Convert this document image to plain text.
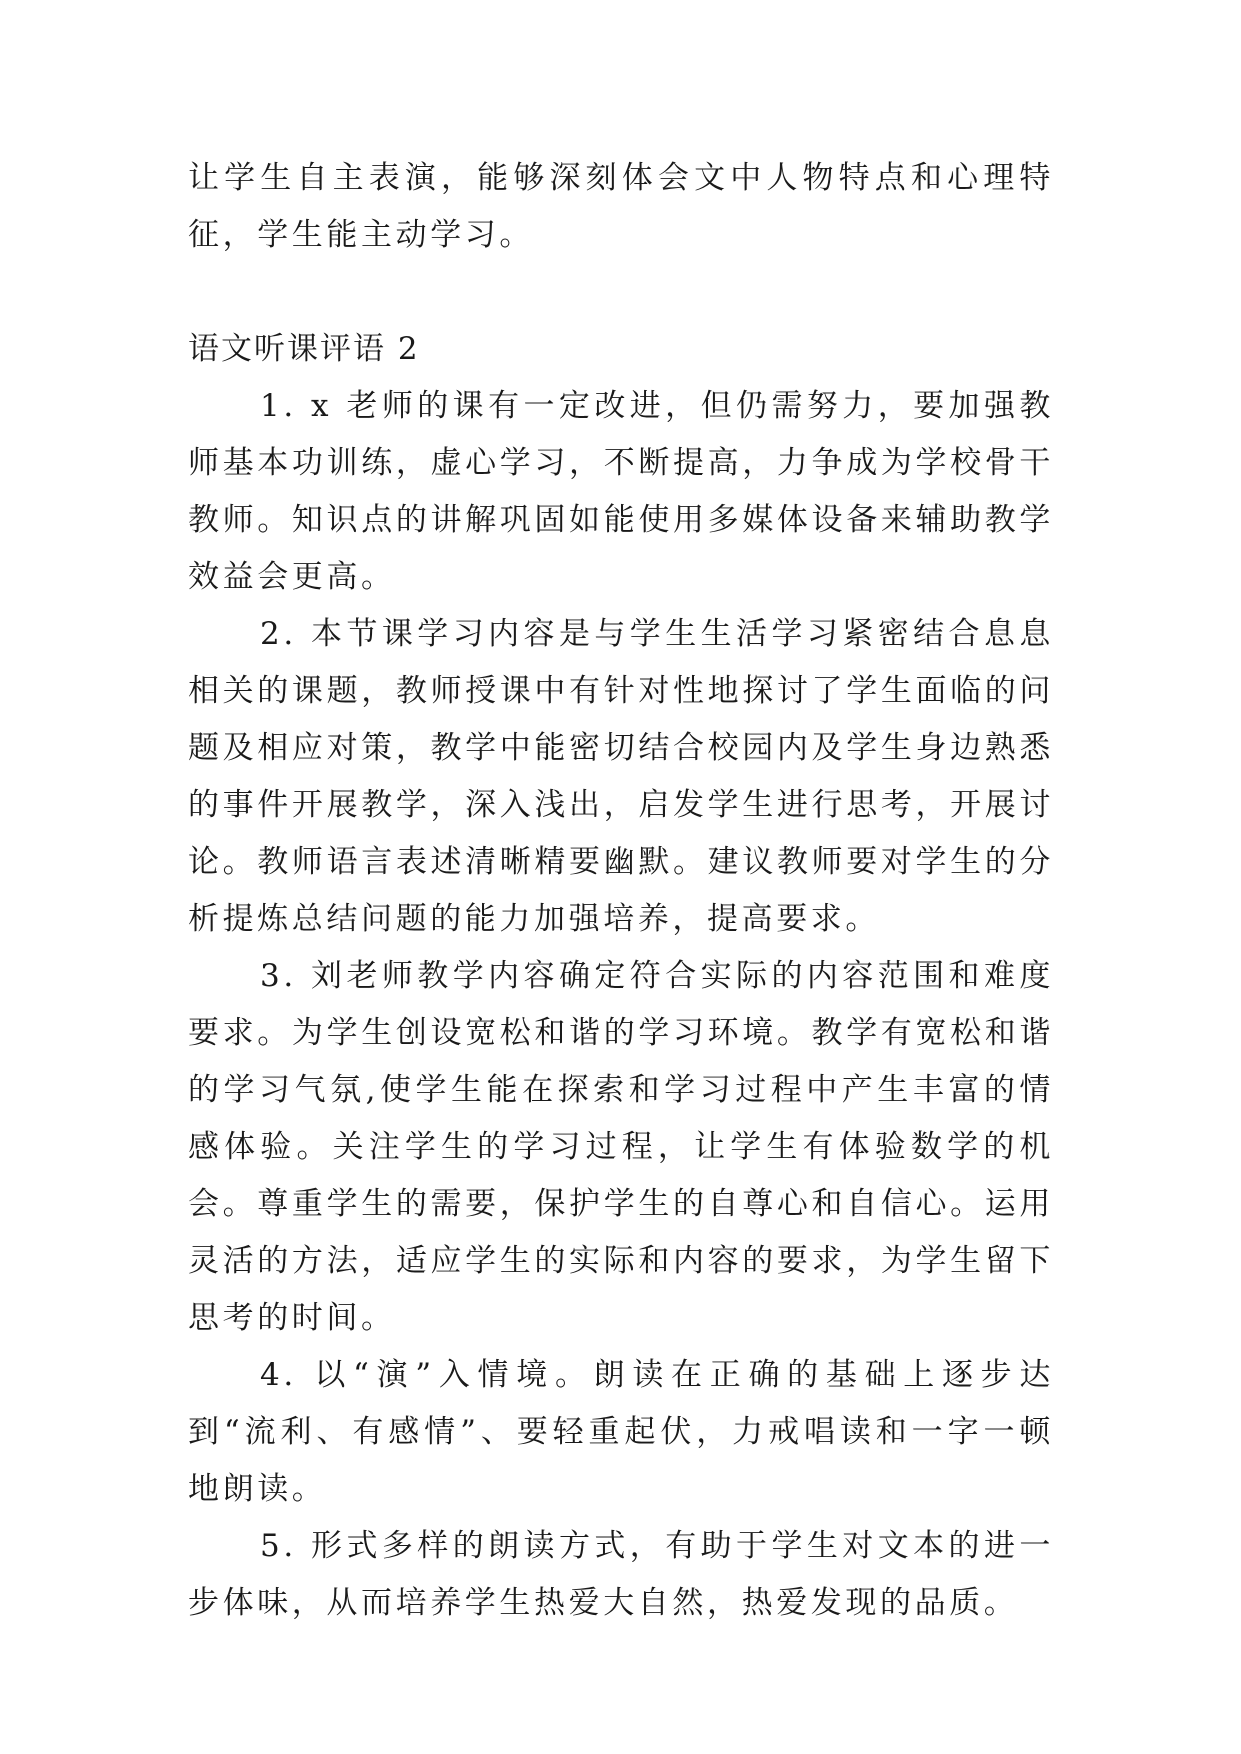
让学生自主表演，能够深刻体会文中人物特点和心理特征，学生能主动学习。

语文听课评语 2

1. x 老师的课有一定改进，但仍需努力，要加强教师基本功训练，虚心学习，不断提高，力争成为学校骨干教师。知识点的讲解巩固如能使用多媒体设备来辅助教学效益会更高。

2. 本节课学习内容是与学生生活学习紧密结合息息相关的课题，教师授课中有针对性地探讨了学生面临的问题及相应对策，教学中能密切结合校园内及学生身边熟悉的事件开展教学，深入浅出，启发学生进行思考，开展讨论。教师语言表述清晰精要幽默。建议教师要对学生的分析提炼总结问题的能力加强培养，提高要求。

3. 刘老师教学内容确定符合实际的内容范围和难度要求。为学生创设宽松和谐的学习环境。教学有宽松和谐的学习气氛,使学生能在探索和学习过程中产生丰富的情感体验。关注学生的学习过程，让学生有体验数学的机会。尊重学生的需要，保护学生的自尊心和自信心。运用灵活的方法，适应学生的实际和内容的要求，为学生留下思考的时间。

4. 以“演”入情境。朗读在正确的基础上逐步达到“流利、有感情”、要轻重起伏，力戒唱读和一字一顿地朗读。

5. 形式多样的朗读方式，有助于学生对文本的进一步体味，从而培养学生热爱大自然，热爱发现的品质。
